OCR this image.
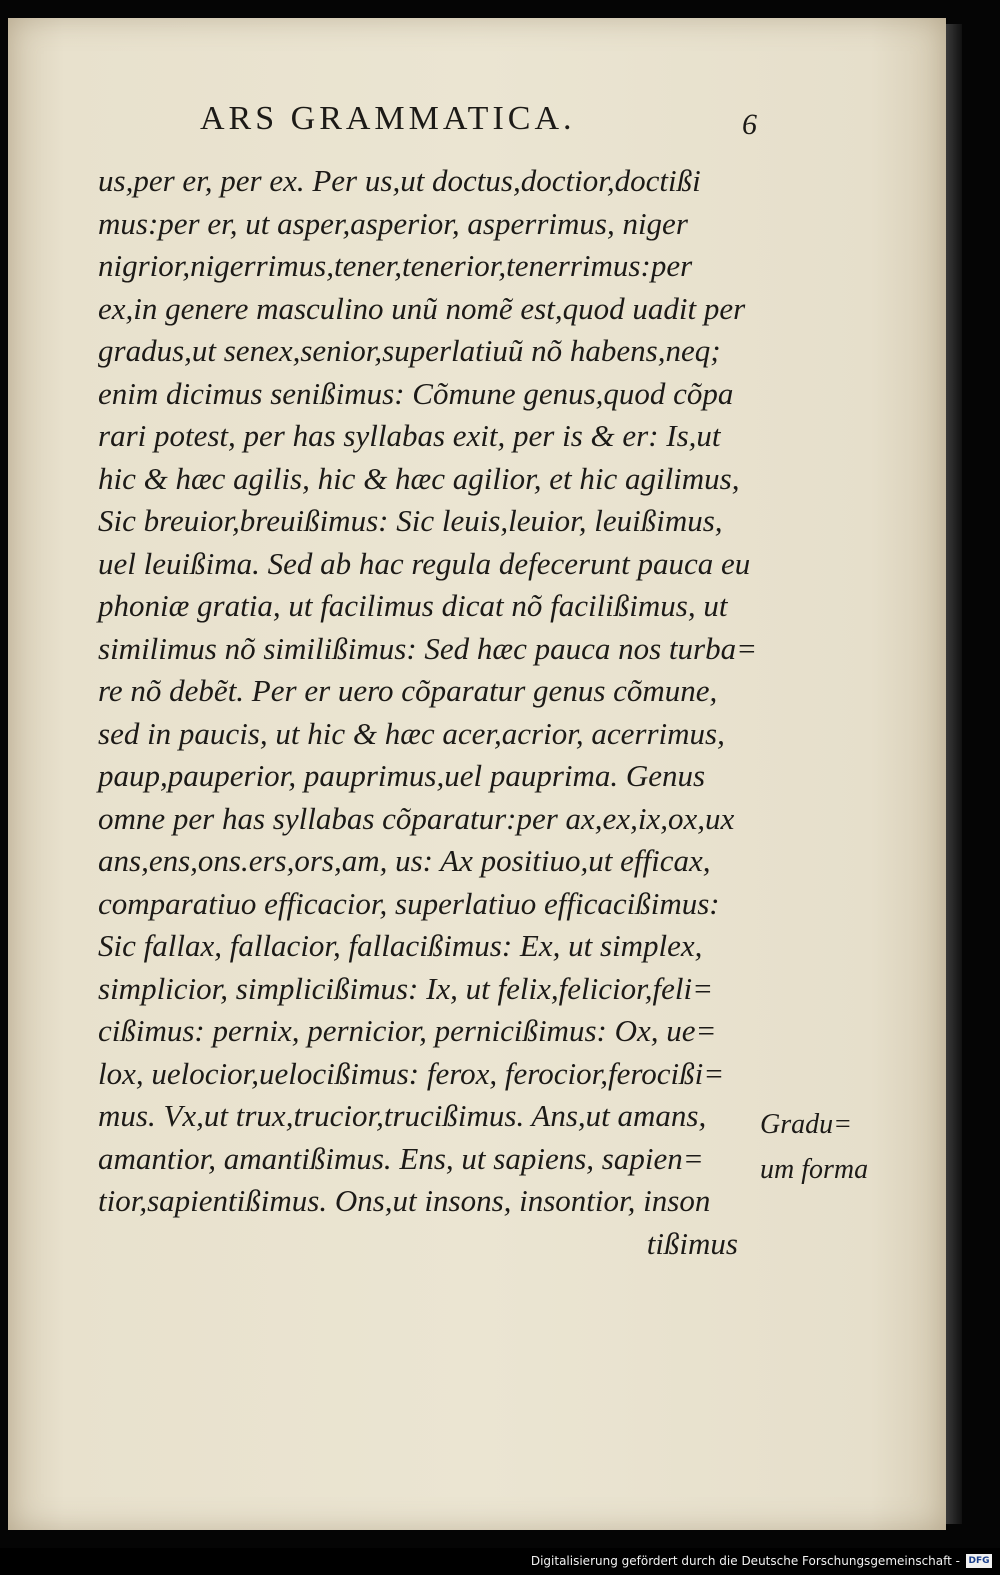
ARS GRAMMATICA.	6
us,per er, per ex. Per us,ut doctus,doctior,doctißi
mus:per er, ut asper,asperior, asperrimus, niger
nigrior,nigerrimus,tener,tenerior,tenerrimus:per
ex,in genere masculino unũ nomẽ est,quod uadit per
gradus,ut senex,senior,superlatiuũ nõ habens,neq;
enim dicimus senißimus: Cõmune genus,quod cõpa
rari potest, per has syllabas exit, per is & er: Is,ut
hic & hæc agilis, hic & hæc agilior, et hic agilimus,
Sic breuior,breuißimus: Sic leuis,leuior, leuißimus,
uel leuißima. Sed ab hac regula defecerunt pauca eu
phoniæ gratia, ut facilimus dicat nõ facilißimus, ut
similimus nõ similißimus: Sed hæc pauca nos turba=
re nõ debẽt. Per er uero cõparatur genus cõmune,
sed in paucis, ut hic & hæc acer,acrior, acerrimus,
paup,pauperior, pauprimus,uel pauprima. Genus
omne per has syllabas cõparatur:per ax,ex,ix,ox,ux
ans,ens,ons.ers,ors,am, us: Ax positiuo,ut efficax,
comparatiuo efficacior, superlatiuo efficacißimus:
Sic fallax, fallacior, fallacißimus: Ex, ut simplex,
simplicior, simplicißimus: Ix, ut felix,felicior,feli=
cißimus: pernix, pernicior, pernicißimus: Ox, ue=
lox, uelocior,uelocißimus: ferox, ferocior,ferocißi=
mus. Vx,ut trux,trucior,trucißimus. Ans,ut amans,
amantior, amantißimus. Ens, ut sapiens, sapien=
tior,sapientißimus. Ons,ut insons, insontior, inson
tißimus
Gradu=
um forma
Digitalisierung gefördert durch die Deutsche Forschungsgemeinschaft - DFG
